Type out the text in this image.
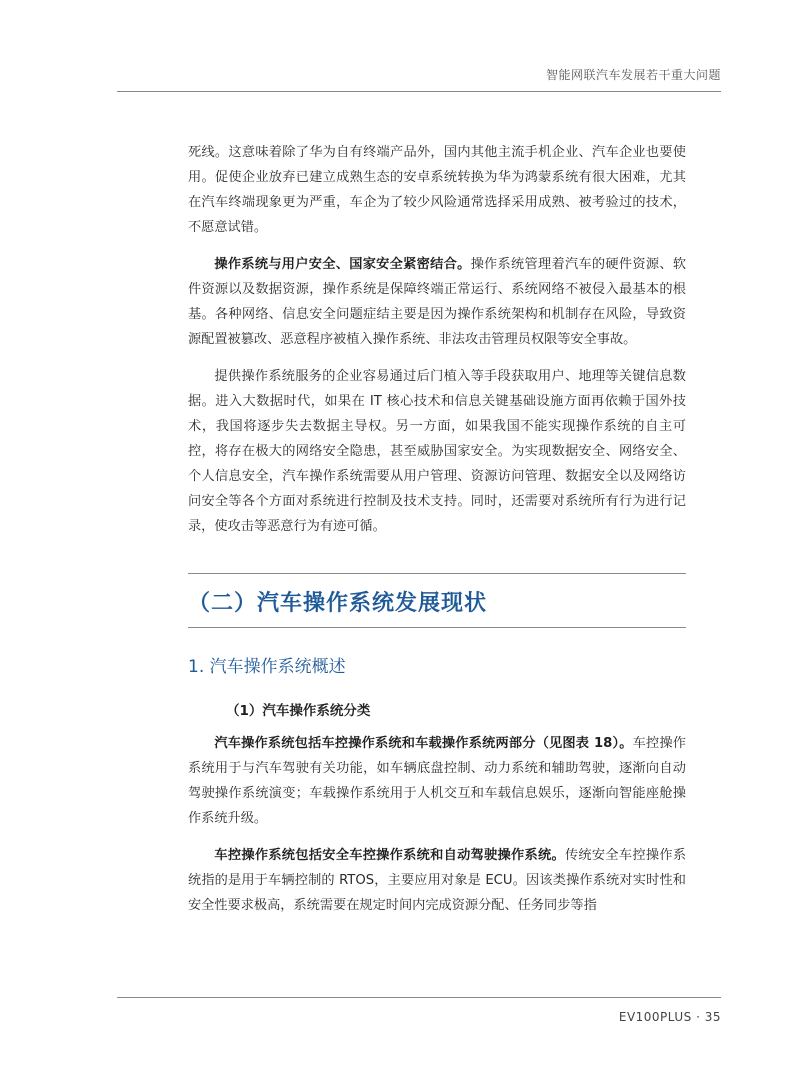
智能网联汽车发展若干重大问题

死线。这意味着除了华为自有终端产品外，国内其他主流手机企业、汽车企业也要使用。促使企业放弃已建立成熟生态的安卓系统转换为华为鸿蒙系统有很大困难，尤其在汽车终端现象更为严重，车企为了较少风险通常选择采用成熟、被考验过的技术，不愿意试错。

操作系统与用户安全、国家安全紧密结合。操作系统管理着汽车的硬件资源、软件资源以及数据资源，操作系统是保障终端正常运行、系统网络不被侵入最基本的根基。各种网络、信息安全问题症结主要是因为操作系统架构和机制存在风险，导致资源配置被篡改、恶意程序被植入操作系统、非法攻击管理员权限等安全事故。

提供操作系统服务的企业容易通过后门植入等手段获取用户、地理等关键信息数据。进入大数据时代，如果在 IT 核心技术和信息关键基础设施方面再依赖于国外技术，我国将逐步失去数据主导权。另一方面，如果我国不能实现操作系统的自主可控，将存在极大的网络安全隐患，甚至威胁国家安全。为实现数据安全、网络安全、个人信息安全，汽车操作系统需要从用户管理、资源访问管理、数据安全以及网络访问安全等各个方面对系统进行控制及技术支持。同时，还需要对系统所有行为进行记录，使攻击等恶意行为有迹可循。

（二）汽车操作系统发展现状
1. 汽车操作系统概述
（1）汽车操作系统分类

汽车操作系统包括车控操作系统和车载操作系统两部分（见图表 18）。车控操作系统用于与汽车驾驶有关功能，如车辆底盘控制、动力系统和辅助驾驶，逐渐向自动驾驶操作系统演变；车载操作系统用于人机交互和车载信息娱乐，逐渐向智能座舱操作系统升级。

车控操作系统包括安全车控操作系统和自动驾驶操作系统。传统安全车控操作系统指的是用于车辆控制的 RTOS，主要应用对象是 ECU。因该类操作系统对实时性和安全性要求极高，系统需要在规定时间内完成资源分配、任务同步等指

EV100PLUS · 35
